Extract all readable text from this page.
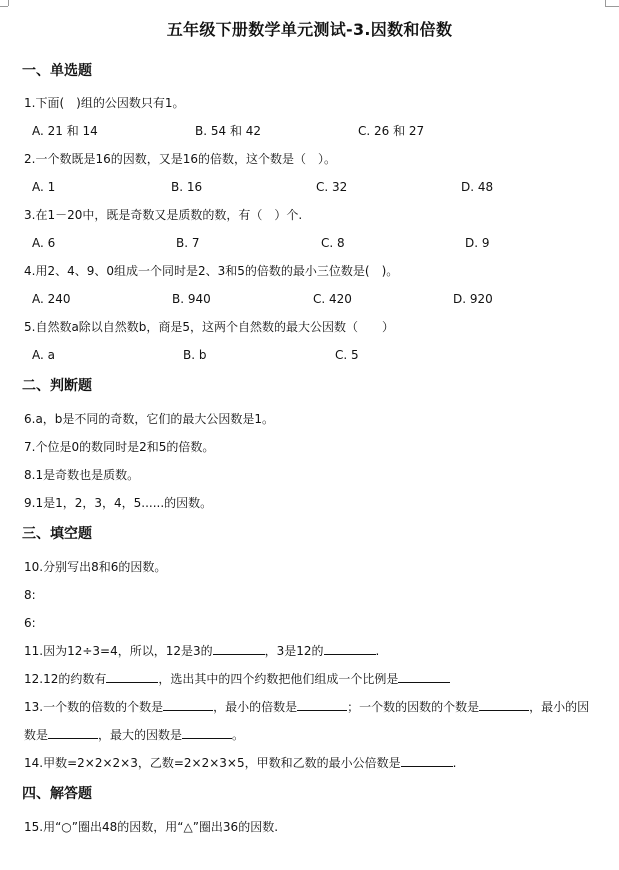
五年级下册数学单元测试-3.因数和倍数
一、单选题
1.下面(　)组的公因数只有1。
A. 21 和 14	B. 54 和 42	C. 26 和 27
2.一个数既是16的因数，又是16的倍数，这个数是（　）。
A. 1	B. 16	C. 32	D. 48
3.在1－20中，既是奇数又是质数的数，有（　）个.
A. 6	B. 7	C. 8	D. 9
4.用2、4、9、0组成一个同时是2、3和5的倍数的最小三位数是(　)。
A. 240	B. 940	C. 420	D. 920
5.自然数a除以自然数b，商是5，这两个自然数的最大公因数（　　）
A. a	B. b	C. 5
二、判断题
6.a，b是不同的奇数，它们的最大公因数是1。
7.个位是0的数同时是2和5的倍数。
8.1是奇数也是质数。
9.1是1，2，3，4，5......的因数。
三、填空题
10.分别写出8和6的因数。
8:
6:
11.因为12÷3=4，所以，12是3的	，3是12的	.
12.12的约数有	，选出其中的四个约数把他们组成一个比例是
13.一个数的倍数的个数是	，最小的倍数是	；一个数的因数的个数是	，最小的因
数是	，最大的因数是	。
14.甲数=2×2×2×3，乙数=2×2×3×5，甲数和乙数的最小公倍数是	.
四、解答题
15.用“○”圈出48的因数，用“△”圈出36的因数.
